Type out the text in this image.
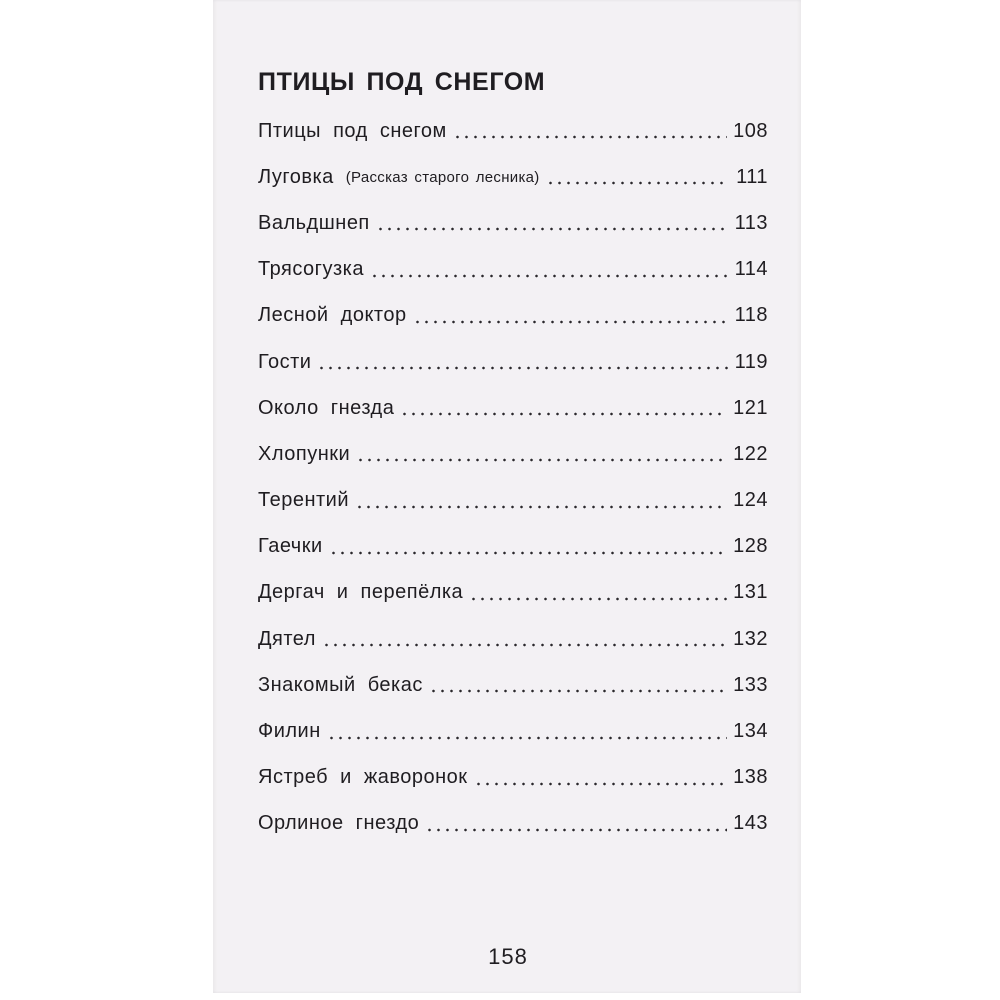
ПТИЦЫ ПОД СНЕГОМ
Птицы под снегом	108
Луговка (Рассказ старого лесника)	111
Вальдшнеп	113
Трясогузка	114
Лесной доктор	118
Гости	119
Около гнезда	121
Хлопунки	122
Терентий	124
Гаечки	128
Дергач и перепёлка	131
Дятел	132
Знакомый бекас	133
Филин	134
Ястреб и жаворонок	138
Орлиное гнездо	143
158
